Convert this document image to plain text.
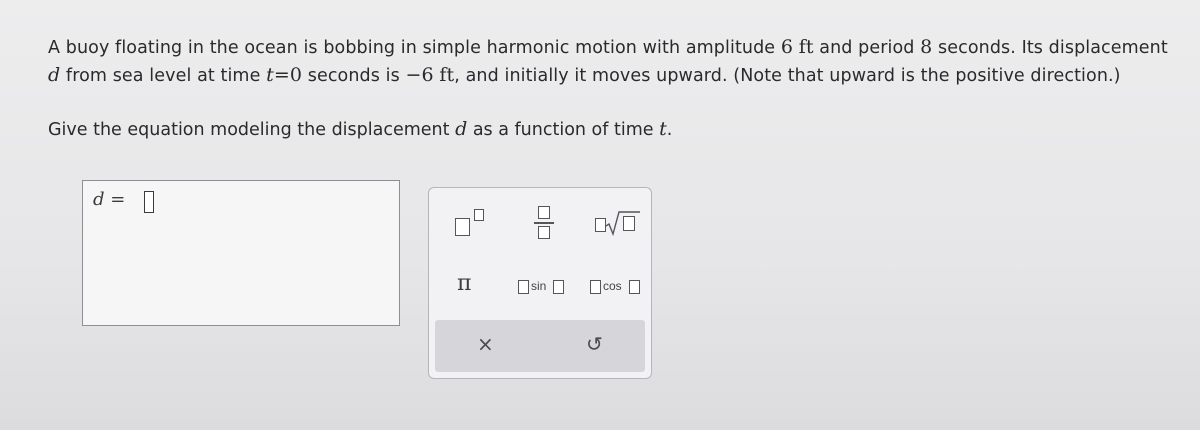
A buoy floating in the ocean is bobbing in simple harmonic motion with amplitude 6 ft and period 8 seconds. Its displacement
d from sea level at time t=0 seconds is −6 ft, and initially it moves upward. (Note that upward is the positive direction.)
Give the equation modeling the displacement d as a function of time t.
d =
π	sin	cos
×	↺
